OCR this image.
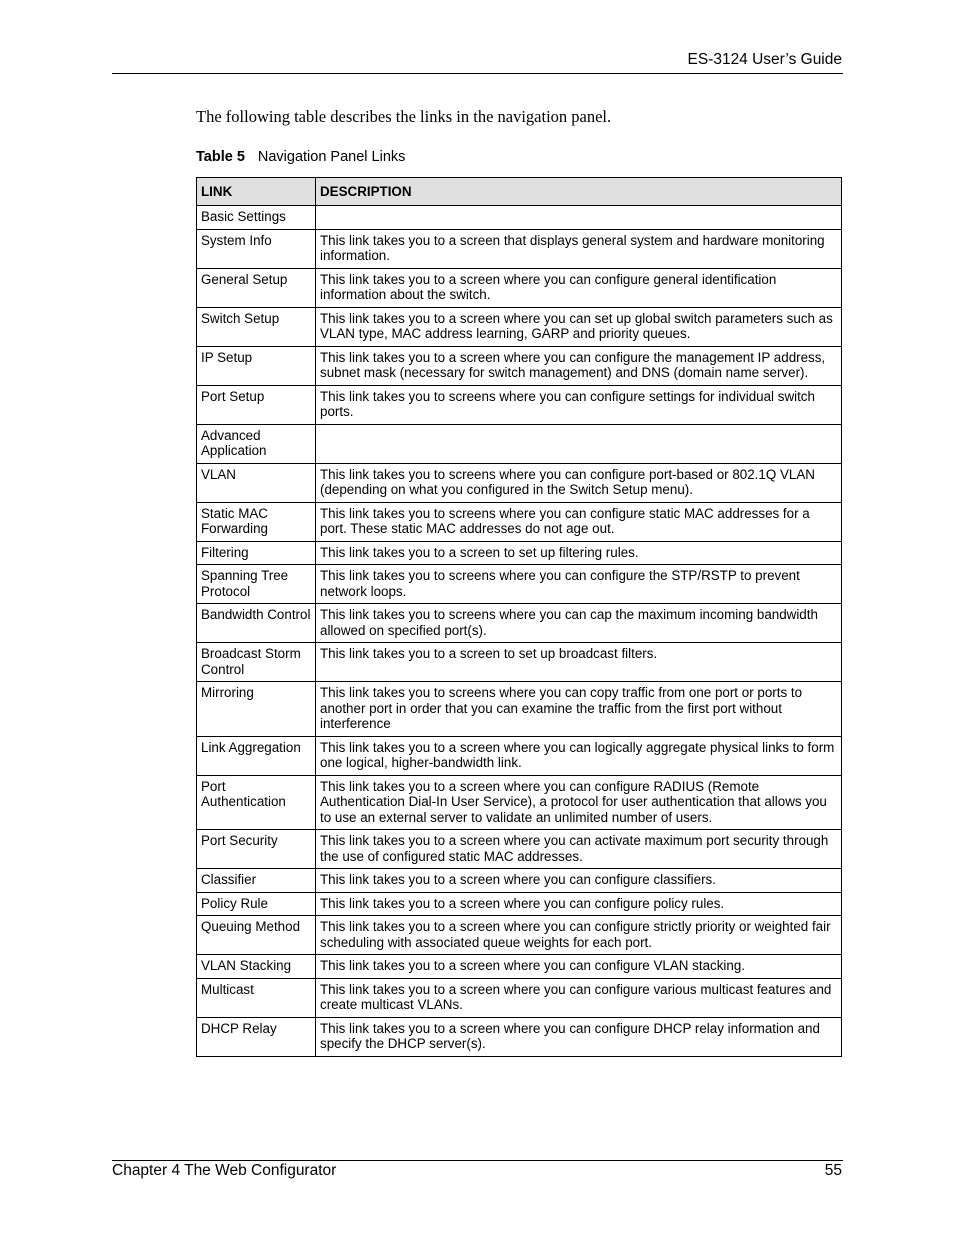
ES-3124 User’s Guide
The following table describes the links in the navigation panel.
Table 5 Navigation Panel Links
LINK	DESCRIPTION
Basic Settings	
System Info	This link takes you to a screen that displays general system and hardware monitoring information.
General Setup	This link takes you to a screen where you can configure general identification information about the switch.
Switch Setup	This link takes you to a screen where you can set up global switch parameters such as VLAN type, MAC address learning, GARP and priority queues.
IP Setup	This link takes you to a screen where you can configure the management IP address, subnet mask (necessary for switch management) and DNS (domain name server).
Port Setup	This link takes you to screens where you can configure settings for individual switch ports.
Advanced Application	
VLAN	This link takes you to screens where you can configure port-based or 802.1Q VLAN (depending on what you configured in the Switch Setup menu).
Static MAC Forwarding	This link takes you to screens where you can configure static MAC addresses for a port. These static MAC addresses do not age out.
Filtering	This link takes you to a screen to set up filtering rules.
Spanning Tree Protocol	This link takes you to screens where you can configure the STP/RSTP to prevent network loops.
Bandwidth Control	This link takes you to screens where you can cap the maximum incoming bandwidth allowed on specified port(s).
Broadcast Storm Control	This link takes you to a screen to set up broadcast filters.
Mirroring	This link takes you to screens where you can copy traffic from one port or ports to another port in order that you can examine the traffic from the first port without interference
Link Aggregation	This link takes you to a screen where you can logically aggregate physical links to form one logical, higher-bandwidth link.
Port Authentication	This link takes you to a screen where you can configure RADIUS (Remote Authentication Dial-In User Service), a protocol for user authentication that allows you to use an external server to validate an unlimited number of users.
Port Security	This link takes you to a screen where you can activate maximum port security through the use of configured static MAC addresses.
Classifier	This link takes you to a screen where you can configure classifiers.
Policy Rule	This link takes you to a screen where you can configure policy rules.
Queuing Method	This link takes you to a screen where you can configure strictly priority or weighted fair scheduling with associated queue weights for each port.
VLAN Stacking	This link takes you to a screen where you can configure VLAN stacking.
Multicast	This link takes you to a screen where you can configure various multicast features and create multicast VLANs.
DHCP Relay	This link takes you to a screen where you can configure DHCP relay information and specify the DHCP server(s).
Chapter 4 The Web Configurator	55
